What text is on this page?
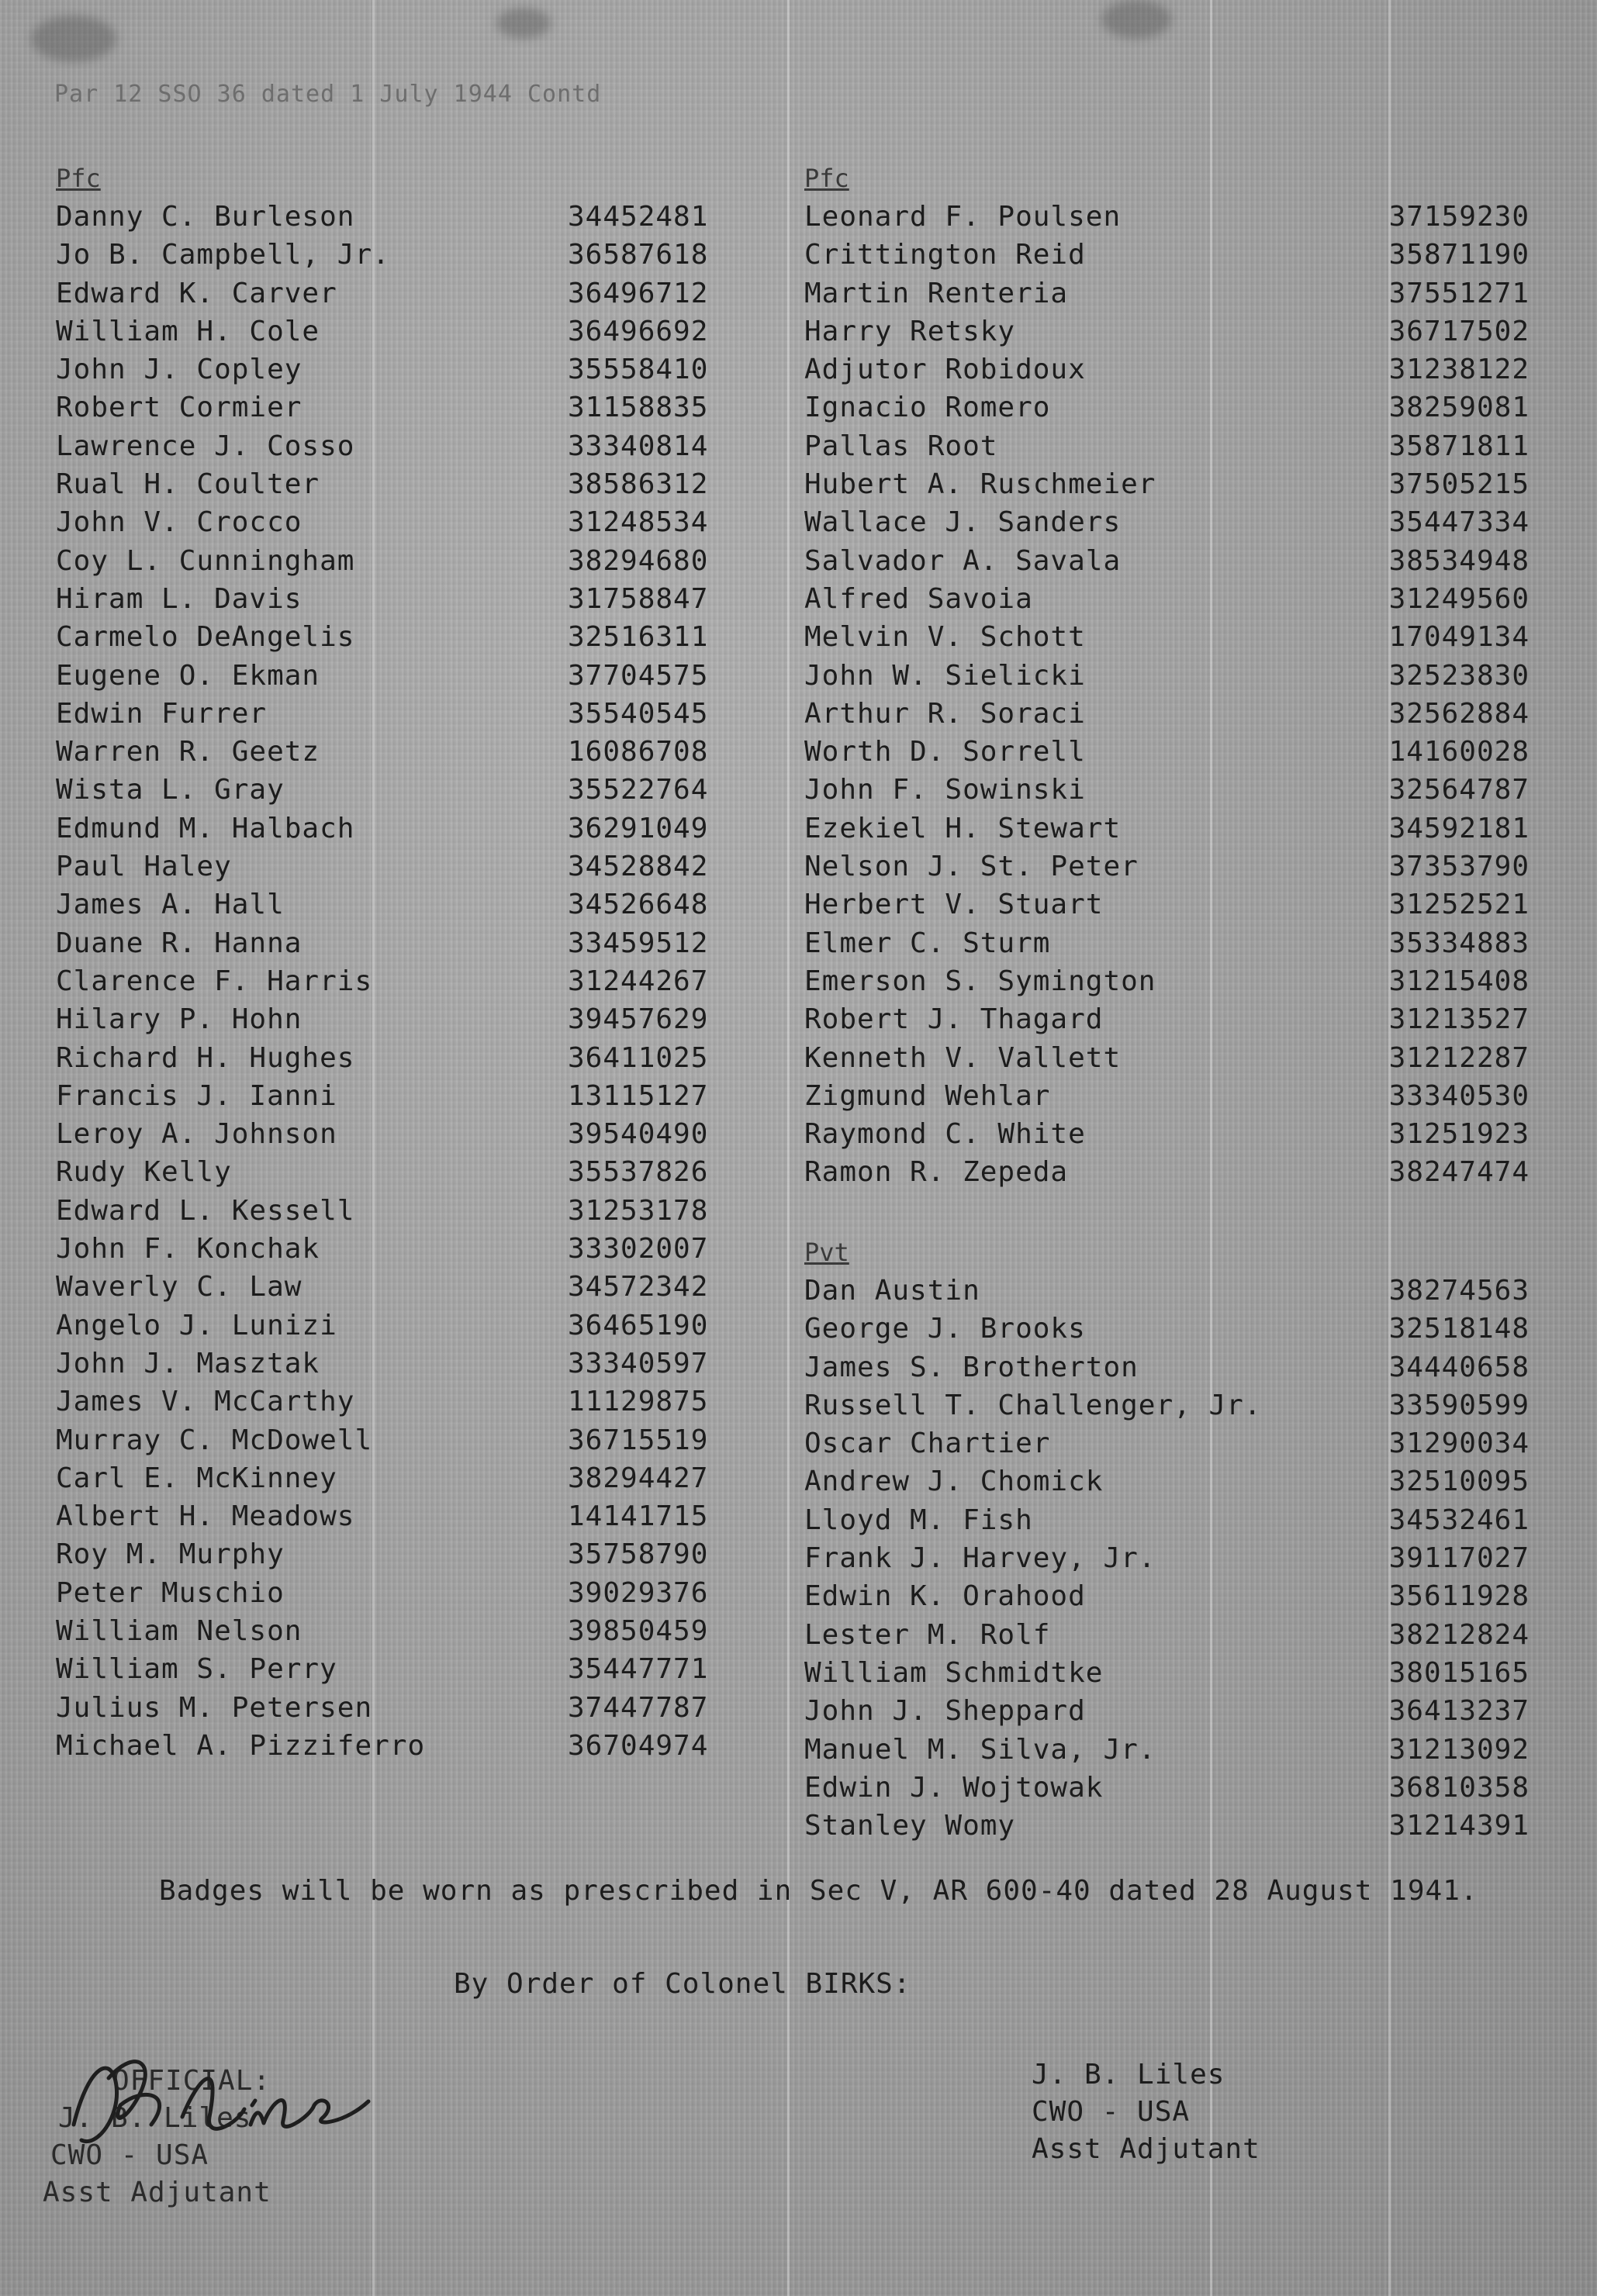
Par 12 SSO 36 dated 1 July 1944 Contd
Pfc
Danny C. Burleson	34452481
Jo B. Campbell, Jr.	36587618
Edward K. Carver	36496712
William H. Cole	36496692
John J. Copley	35558410
Robert Cormier	31158835
Lawrence J. Cosso	33340814
Rual H. Coulter	38586312
John V. Crocco	31248534
Coy L. Cunningham	38294680
Hiram L. Davis	31758847
Carmelo DeAngelis	32516311
Eugene O. Ekman	37704575
Edwin Furrer	35540545
Warren R. Geetz	16086708
Wista L. Gray	35522764
Edmund M. Halbach	36291049
Paul Haley	34528842
James A. Hall	34526648
Duane R. Hanna	33459512
Clarence F. Harris	31244267
Hilary P. Hohn	39457629
Richard H. Hughes	36411025
Francis J. Ianni	13115127
Leroy A. Johnson	39540490
Rudy Kelly	35537826
Edward L. Kessell	31253178
John F. Konchak	33302007
Waverly C. Law	34572342
Angelo J. Lunizi	36465190
John J. Masztak	33340597
James V. McCarthy	11129875
Murray C. McDowell	36715519
Carl E. McKinney	38294427
Albert H. Meadows	14141715
Roy M. Murphy	35758790
Peter Muschio	39029376
William Nelson	39850459
William S. Perry	35447771
Julius M. Petersen	37447787
Michael A. Pizziferro	36704974
Pfc
Leonard F. Poulsen	37159230
Crittington Reid	35871190
Martin Renteria	37551271
Harry Retsky	36717502
Adjutor Robidoux	31238122
Ignacio Romero	38259081
Pallas Root	35871811
Hubert A. Ruschmeier	37505215
Wallace J. Sanders	35447334
Salvador A. Savala	38534948
Alfred Savoia	31249560
Melvin V. Schott	17049134
John W. Sielicki	32523830
Arthur R. Soraci	32562884
Worth D. Sorrell	14160028
John F. Sowinski	32564787
Ezekiel H. Stewart	34592181
Nelson J. St. Peter	37353790
Herbert V. Stuart	31252521
Elmer C. Sturm	35334883
Emerson S. Symington	31215408
Robert J. Thagard	31213527
Kenneth V. Vallett	31212287
Zigmund Wehlar	33340530
Raymond C. White	31251923
Ramon R. Zepeda	38247474
Pvt
Dan Austin	38274563
George J. Brooks	32518148
James S. Brotherton	34440658
Russell T. Challenger, Jr.	33590599
Oscar Chartier	31290034
Andrew J. Chomick	32510095
Lloyd M. Fish	34532461
Frank J. Harvey, Jr.	39117027
Edwin K. Orahood	35611928
Lester M. Rolf	38212824
William Schmidtke	38015165
John J. Sheppard	36413237
Manuel M. Silva, Jr.	31213092
Edwin J. Wojtowak	36810358
Stanley Womy	31214391
Badges will be worn as prescribed in Sec V, AR 600-40 dated 28 August 1941.
By Order of Colonel BIRKS:
J. B. Liles
CWO - USA
Asst Adjutant
OFFICIAL:
J. B. Liles
CWO - USA
Asst Adjutant
